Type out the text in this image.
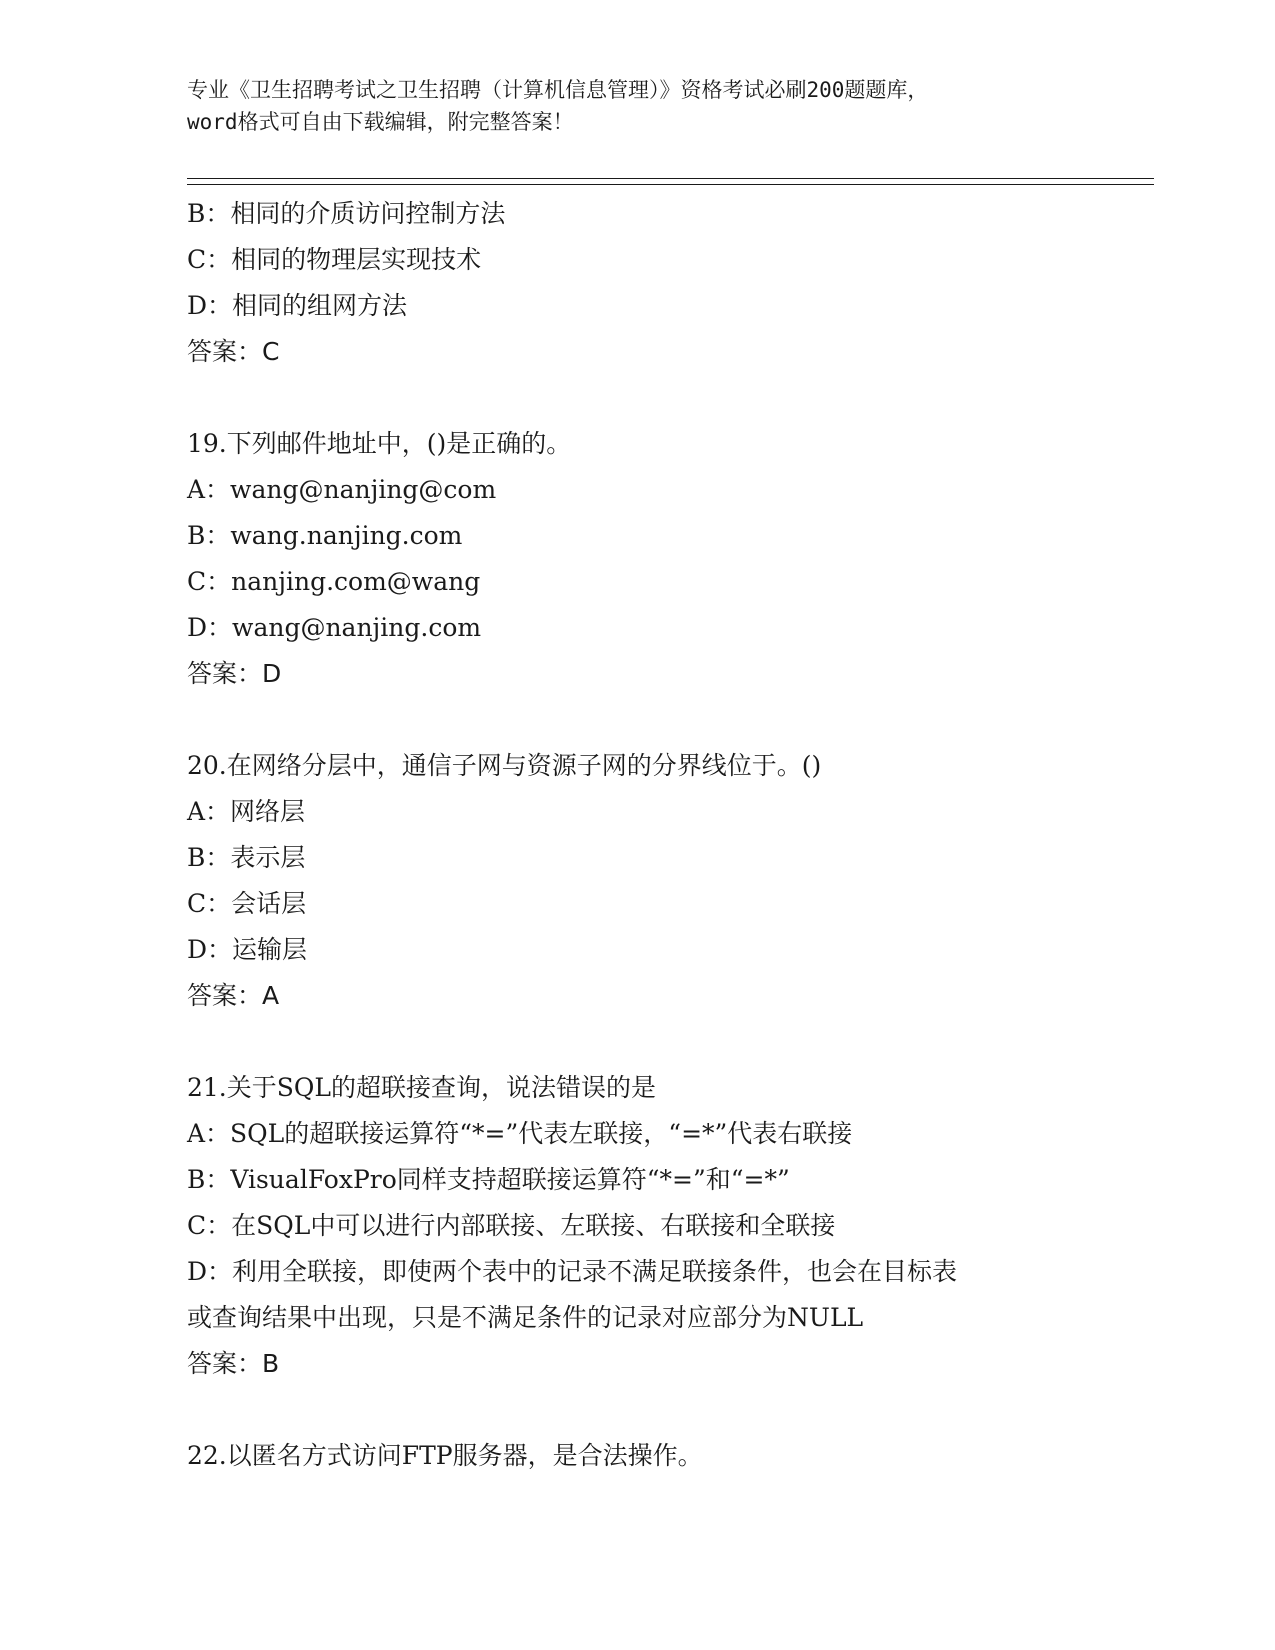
专业《卫生招聘考试之卫生招聘（计算机信息管理）》资格考试必刷200题题库，
word格式可自由下载编辑，附完整答案！
B：相同的介质访问控制方法
C：相同的物理层实现技术
D：相同的组网方法
答案：C
19.下列邮件地址中，()是正确的。
A：wang@nanjing@com
B：wang.nanjing.com
C：nanjing.com@wang
D：wang@nanjing.com
答案：D
20.在网络分层中，通信子网与资源子网的分界线位于。()
A：网络层
B：表示层
C：会话层
D：运输层
答案：A
21.关于SQL的超联接查询，说法错误的是
A：SQL的超联接运算符“*=”代表左联接，“=*”代表右联接
B：VisualFoxPro同样支持超联接运算符“*=”和“=*”
C：在SQL中可以进行内部联接、左联接、右联接和全联接
D：利用全联接，即使两个表中的记录不满足联接条件，也会在目标表
或查询结果中出现，只是不满足条件的记录对应部分为NULL
答案：B
22.以匿名方式访问FTP服务器，是合法操作。
